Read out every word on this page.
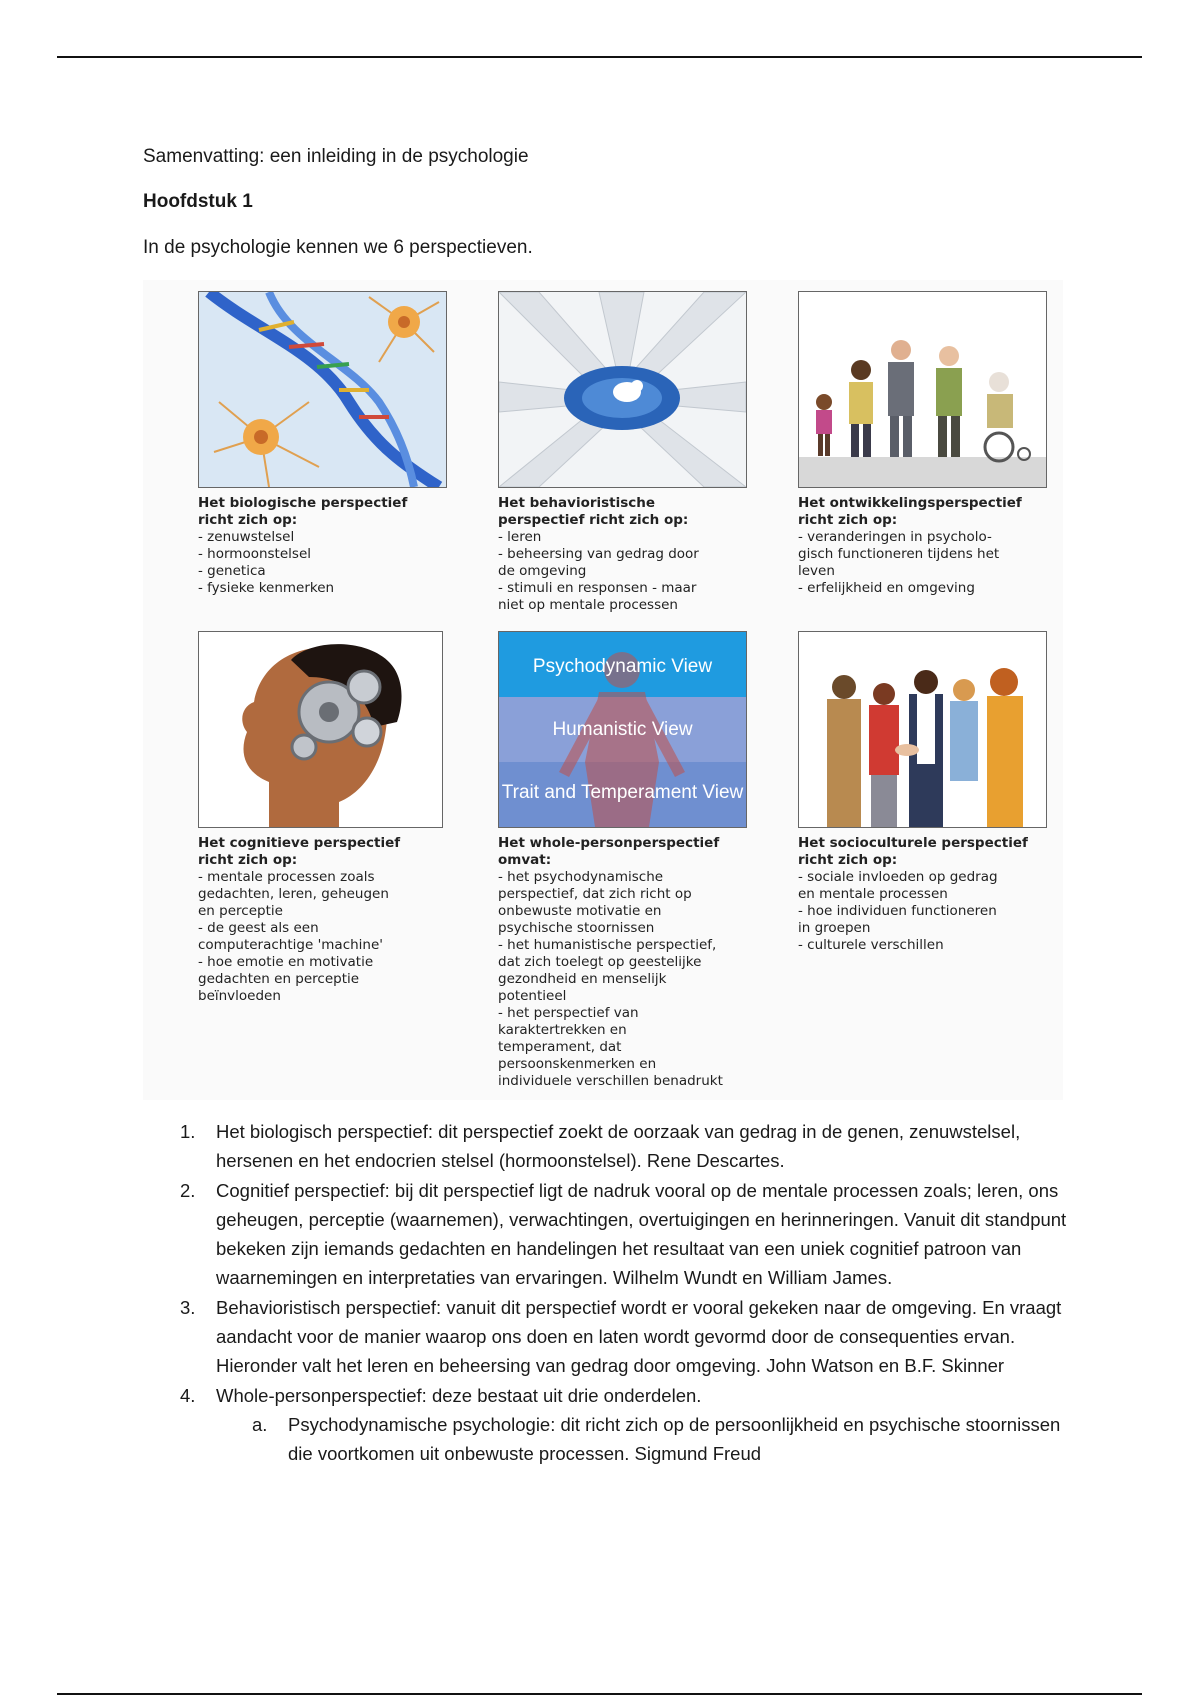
Samenvatting: een inleiding in de psychologie
Hoofdstuk 1
In de psychologie kennen we 6 perspectieven.
Het biologische perspectief
richt zich op:
- zenuwstelsel
- hormoonstelsel
- genetica
- fysieke kenmerken
Het behavioristische
perspectief richt zich op:
- leren
- beheersing van gedrag door
de omgeving
- stimuli en responsen - maar
niet op mentale processen
Het ontwikkelingsperspectief
richt zich op:
- veranderingen in psycholo-
gisch functioneren tijdens het
leven
- erfelijkheid en omgeving
Het cognitieve perspectief
richt zich op:
- mentale processen zoals
gedachten, leren, geheugen
en perceptie
- de geest als een
computerachtige 'machine'
- hoe emotie en motivatie
gedachten en perceptie
beïnvloeden
Psychodynamic View
Humanistic View
Trait and Temperament View
Het whole-personperspectief
omvat:
- het psychodynamische
perspectief, dat zich richt op
onbewuste motivatie en
psychische stoornissen
- het humanistische perspectief,
dat zich toelegt op geestelijke
gezondheid en menselijk
potentieel
- het perspectief van
karaktertrekken en
temperament, dat
persoonskenmerken en
individuele verschillen benadrukt
Het socioculturele perspectief
richt zich op:
- sociale invloeden op gedrag
en mentale processen
- hoe individuen functioneren
in groepen
- culturele verschillen
1. Het biologisch perspectief: dit perspectief zoekt de oorzaak van gedrag in de genen, zenuwstelsel, hersenen en het endocrien stelsel (hormoonstelsel). Rene Descartes.
2. Cognitief perspectief: bij dit perspectief ligt de nadruk vooral op de mentale processen zoals; leren, ons geheugen, perceptie (waarnemen), verwachtingen, overtuigingen en herinneringen. Vanuit dit standpunt bekeken zijn iemands gedachten en handelingen het resultaat van een uniek cognitief patroon van waarnemingen en interpretaties van ervaringen. Wilhelm Wundt en William James.
3. Behavioristisch perspectief: vanuit dit perspectief wordt er vooral gekeken naar de omgeving. En vraagt aandacht voor de manier waarop ons doen en laten wordt gevormd door de consequenties ervan. Hieronder valt het leren en beheersing van gedrag door omgeving. John Watson en B.F. Skinner
4. Whole-personperspectief: deze bestaat uit drie onderdelen.
a. Psychodynamische psychologie: dit richt zich op de persoonlijkheid en psychische stoornissen die voortkomen uit onbewuste processen. Sigmund Freud
